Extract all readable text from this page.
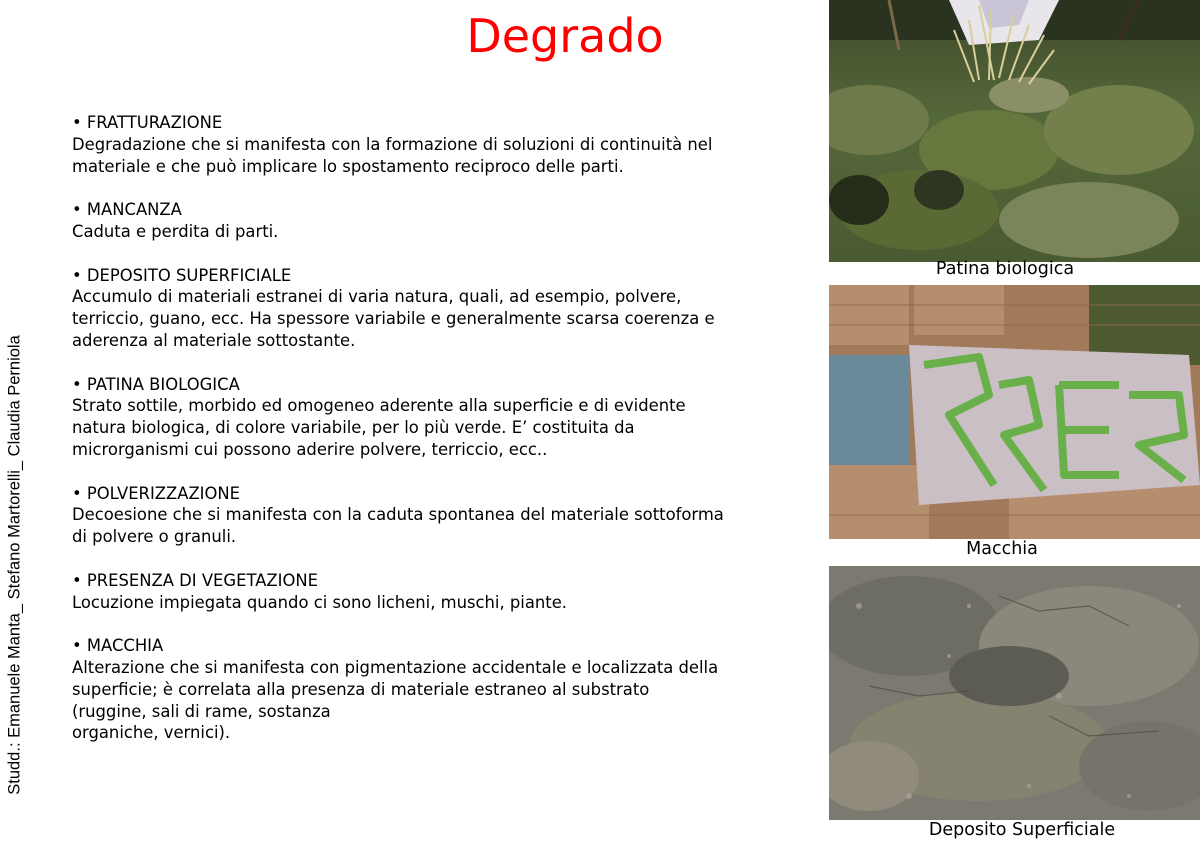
Degrado
Studd.: Emanuele Manta_ Stefano Martorelli_ Claudia Perniola
• FRATTURAZIONE
Degradazione che si manifesta con la formazione di soluzioni di continuità nel
materiale e che può implicare lo spostamento reciproco delle parti.
• MANCANZA
Caduta e perdita di parti.
• DEPOSITO SUPERFICIALE
Accumulo di materiali estranei di varia natura, quali, ad esempio, polvere,
terriccio, guano, ecc. Ha spessore variabile e generalmente scarsa coerenza e
aderenza al materiale sottostante.
• PATINA BIOLOGICA
Strato sottile, morbido ed omogeneo aderente alla superficie e di evidente
natura biologica, di colore variabile, per lo più verde. E’ costituita da
microrganismi cui possono aderire polvere, terriccio, ecc..
• POLVERIZZAZIONE
Decoesione che si manifesta con la caduta spontanea del materiale sottoforma
di polvere o granuli.
• PRESENZA DI VEGETAZIONE
Locuzione impiegata quando ci sono licheni, muschi, piante.
• MACCHIA
Alterazione che si manifesta con pigmentazione accidentale e localizzata della
superficie; è correlata alla presenza di materiale estraneo al substrato
(ruggine, sali di rame, sostanza
organiche, vernici).
Patina biologica
Macchia
Deposito Superficiale
